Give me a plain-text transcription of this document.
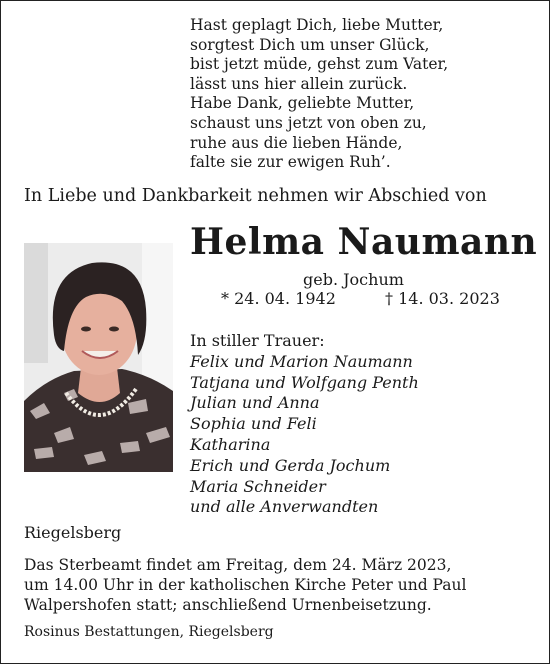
Hast geplagt Dich, liebe Mutter,
sorgtest Dich um unser Glück,
bist jetzt müde, gehst zum Vater,
lässt uns hier allein zurück.
Habe Dank, geliebte Mutter,
schaust uns jetzt von oben zu,
ruhe aus die lieben Hände,
falte sie zur ewigen Ruh’.
In Liebe und Dankbarkeit nehmen wir Abschied von
Helma Naumann
geb. Jochum
* 24. 04. 1942	† 14. 03. 2023
In stiller Trauer:
Felix und Marion Naumann
Tatjana und Wolfgang Penth
Julian und Anna
Sophia und Feli
Katharina
Erich und Gerda Jochum
Maria Schneider
und alle Anverwandten
Riegelsberg
Das Sterbeamt findet am Freitag, dem 24. März 2023,
um 14.00 Uhr in der katholischen Kirche Peter und Paul
Walpershofen statt; anschließend Urnenbeisetzung.
Rosinus Bestattungen, Riegelsberg
